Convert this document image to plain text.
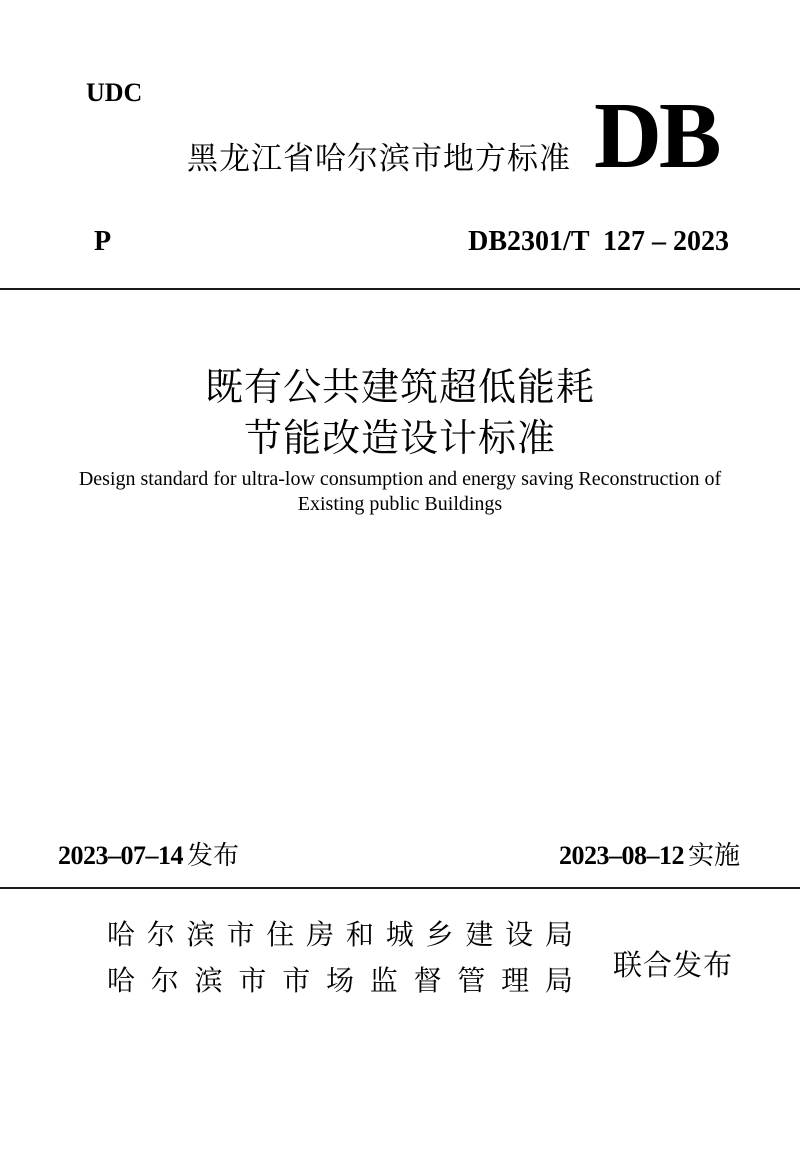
UDC
黑龙江省哈尔滨市地方标准 DB
P	DB2301/T  127 – 2023
既有公共建筑超低能耗
节能改造设计标准
Design standard for ultra-low consumption and energy saving Reconstruction of
Existing public Buildings
2023–07–14 发布	2023–08–12 实施
哈 尔 滨 市 住 房 和 城 乡 建 设 局
哈 尔 滨 市 市 场 监 督 管 理 局 联合发布
